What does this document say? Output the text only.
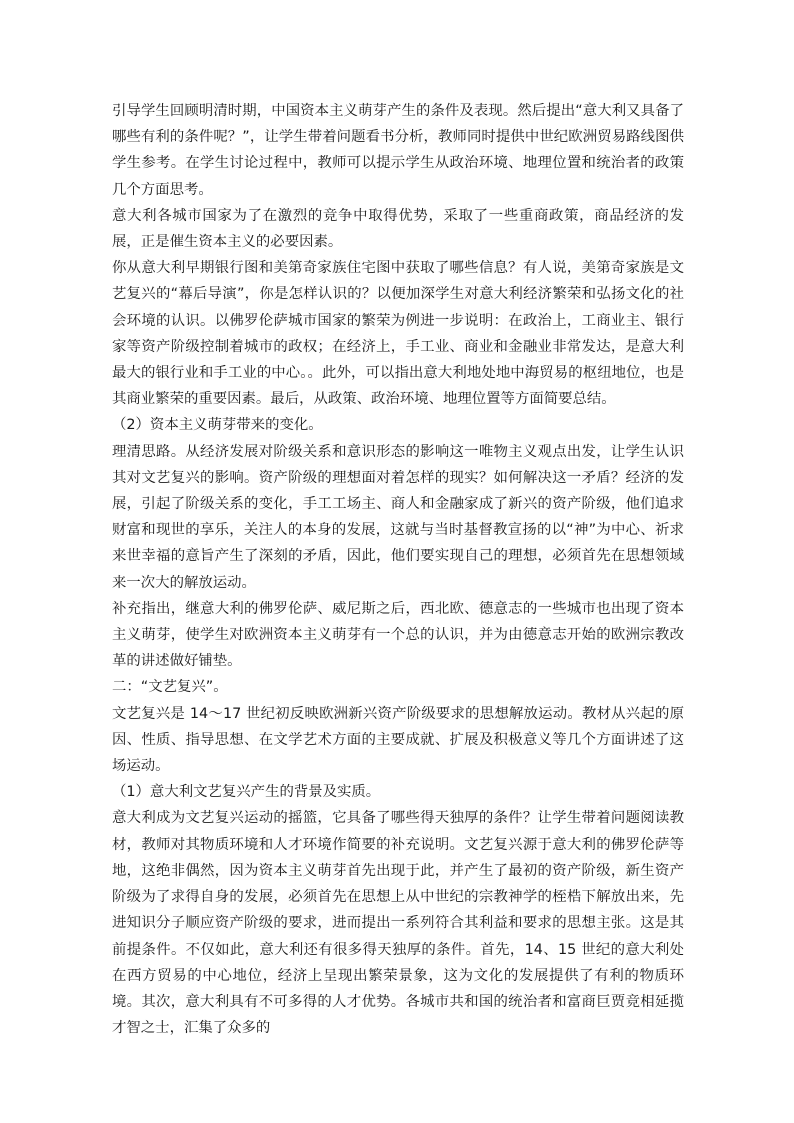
引导学生回顾明清时期，中国资本主义萌芽产生的条件及表现。然后提出“意大利又具备了哪些有利的条件呢？”，让学生带着问题看书分析，教师同时提供中世纪欧洲贸易路线图供学生参考。在学生讨论过程中，教师可以提示学生从政治环境、地理位置和统治者的政策几个方面思考。

意大利各城市国家为了在激烈的竞争中取得优势，采取了一些重商政策，商品经济的发展，正是催生资本主义的必要因素。

你从意大利早期银行图和美第奇家族住宅图中获取了哪些信息？有人说，美第奇家族是文艺复兴的“幕后导演”，你是怎样认识的？以便加深学生对意大利经济繁荣和弘扬文化的社会环境的认识。以佛罗伦萨城市国家的繁荣为例进一步说明：在政治上，工商业主、银行家等资产阶级控制着城市的政权；在经济上，手工业、商业和金融业非常发达，是意大利最大的银行业和手工业的中心。。此外，可以指出意大利地处地中海贸易的枢纽地位，也是其商业繁荣的重要因素。最后，从政策、政治环境、地理位置等方面简要总结。

（2）资本主义萌芽带来的变化。

理清思路。从经济发展对阶级关系和意识形态的影响这一唯物主义观点出发，让学生认识其对文艺复兴的影响。资产阶级的理想面对着怎样的现实？如何解决这一矛盾？经济的发展，引起了阶级关系的变化，手工工场主、商人和金融家成了新兴的资产阶级，他们追求财富和现世的享乐，关注人的本身的发展，这就与当时基督教宣扬的以“神”为中心、祈求来世幸福的意旨产生了深刻的矛盾，因此，他们要实现自己的理想，必须首先在思想领域来一次大的解放运动。

补充指出，继意大利的佛罗伦萨、威尼斯之后，西北欧、德意志的一些城市也出现了资本主义萌芽，使学生对欧洲资本主义萌芽有一个总的认识，并为由德意志开始的欧洲宗教改革的讲述做好铺垫。

二：“文艺复兴”。

文艺复兴是 14～17 世纪初反映欧洲新兴资产阶级要求的思想解放运动。教材从兴起的原因、性质、指导思想、在文学艺术方面的主要成就、扩展及积极意义等几个方面讲述了这场运动。

（1）意大利文艺复兴产生的背景及实质。

意大利成为文艺复兴运动的摇篮，它具备了哪些得天独厚的条件？让学生带着问题阅读教材，教师对其物质环境和人才环境作简要的补充说明。文艺复兴源于意大利的佛罗伦萨等地，这绝非偶然，因为资本主义萌芽首先出现于此，并产生了最初的资产阶级，新生资产阶级为了求得自身的发展，必须首先在思想上从中世纪的宗教神学的桎梏下解放出来，先进知识分子顺应资产阶级的要求，进而提出一系列符合其利益和要求的思想主张。这是其前提条件。不仅如此，意大利还有很多得天独厚的条件。首先，14、15 世纪的意大利处在西方贸易的中心地位，经济上呈现出繁荣景象，这为文化的发展提供了有利的物质环境。其次，意大利具有不可多得的人才优势。各城市共和国的统治者和富商巨贾竞相延揽才智之士，汇集了众多的
